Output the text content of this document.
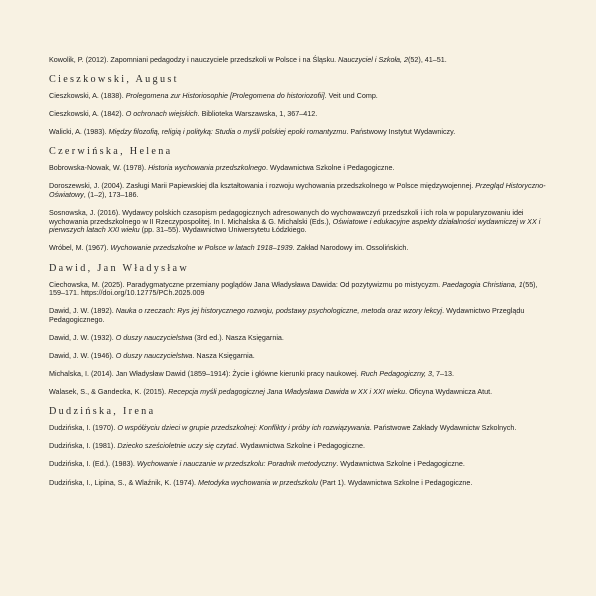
Kowolik, P. (2012). Zapomniani pedagodzy i nauczyciele przedszkoli w Polsce i na Śląsku. Nauczyciel i Szkoła, 2(52), 41–51.

Cieszkowski, August

Cieszkowski, A. (1838). Prolegomena zur Historiosophie [Prolegomena do historiozofii]. Veit und Comp.

Cieszkowski, A. (1842). O ochronach wiejskich. Biblioteka Warszawska, 1, 367–412.

Walicki, A. (1983). Między filozofią, religią i polityką: Studia o myśli polskiej epoki romantyzmu. Państwowy Instytut Wydawniczy.

Czerwińska, Helena

Bobrowska-Nowak, W. (1978). Historia wychowania przedszkolnego. Wydawnictwa Szkolne i Pedagogiczne.

Doroszewski, J. (2004). Zasługi Marii Papiewskiej dla kształtowania i rozwoju wychowania przedszkolnego w Polsce międzywojennej. Przegląd Historyczno-Oświatowy, (1–2), 173–186.

Sosnowska, J. (2016). Wydawcy polskich czasopism pedagogicznych adresowanych do wychowawczyń przedszkoli i ich rola w popularyzowaniu idei wychowania przedszkolnego w II Rzeczypospolitej. In I. Michalska & G. Michalski (Eds.), Oświatowe i edukacyjne aspekty działalności wydawniczej w XX i pierwszych latach XXI wieku (pp. 31–55). Wydawnictwo Uniwersytetu Łódzkiego.

Wróbel, M. (1967). Wychowanie przedszkolne w Polsce w latach 1918–1939. Zakład Narodowy im. Ossolińskich.

Dawid, Jan Władysław

Ciechowska, M. (2025). Paradygmatyczne przemiany poglądów Jana Władysława Dawida: Od pozytywizmu po mistycyzm. Paedagogia Christiana, 1(55), 159–171. https://doi.org/10.12775/PCh.2025.009

Dawid, J. W. (1892). Nauka o rzeczach: Rys jej historycznego rozwoju, podstawy psychologiczne, metoda oraz wzory lekcyj. Wydawnictwo Przeglądu Pedagogicznego.

Dawid, J. W. (1932). O duszy nauczycielstwa (3rd ed.). Nasza Księgarnia.

Dawid, J. W. (1946). O duszy nauczycielstwa. Nasza Księgarnia.

Michalska, I. (2014). Jan Władysław Dawid (1859–1914): Życie i główne kierunki pracy naukowej. Ruch Pedagogiczny, 3, 7–13.

Walasek, S., & Gandecka, K. (2015). Recepcja myśli pedagogicznej Jana Władysława Dawida w XX i XXI wieku. Oficyna Wydawnicza Atut.

Dudzińska, Irena

Dudzińska, I. (1970). O współżyciu dzieci w grupie przedszkolnej: Konflikty i próby ich rozwiązywania. Państwowe Zakłady Wydawnictw Szkolnych.

Dudzińska, I. (1981). Dziecko sześcioletnie uczy się czytać. Wydawnictwa Szkolne i Pedagogiczne.

Dudzińska, I. (Ed.). (1983). Wychowanie i nauczanie w przedszkolu: Poradnik metodyczny. Wydawnictwa Szkolne i Pedagogiczne.

Dudzińska, I., Lipina, S., & Wlaźnik, K. (1974). Metodyka wychowania w przedszkolu (Part 1). Wydawnictwa Szkolne i Pedagogiczne.
